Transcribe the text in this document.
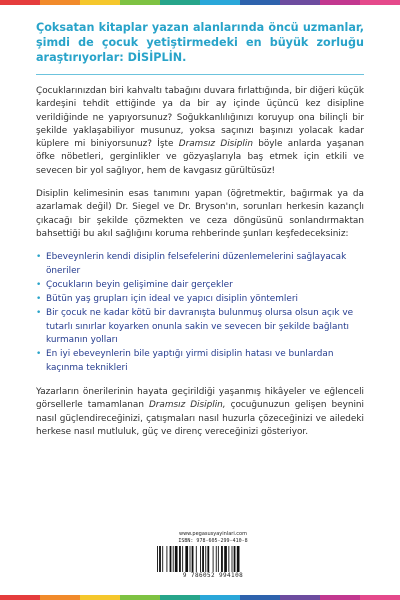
Çoksatan kitaplar yazan alanlarında öncü uzmanlar, şimdi de çocuk yetiştirmedeki en büyük zorluğu araştırıyorlar: DİSİPLİN.

Çocuklarınızdan biri kahvaltı tabağını duvara fırlattığında, bir diğeri küçük kardeşini tehdit ettiğinde ya da bir ay içinde üçüncü kez disipline verildiğinde ne yapıyorsunuz? Soğukkanlılığınızı koruyup ona bilinçli bir şekilde yaklaşabiliyor musunuz, yoksa saçınızı başınızı yolacak kadar küplere mi biniyorsunuz? İşte Dramsız Disiplin böyle anlarda yaşanan öfke nöbetleri, gerginlikler ve gözyaşlarıyla baş etmek için etkili ve sevecen bir yol sağlıyor, hem de kavgasız gürültüsüz!

Disiplin kelimesinin esas tanımını yapan (öğretmektir, bağırmak ya da azarlamak değil) Dr. Siegel ve Dr. Bryson'ın, sorunları herkesin kazançlı çıkacağı bir şekilde çözmekten ve ceza döngüsünü sonlandırmaktan bahsettiği bu akıl sağlığını koruma rehberinde şunları keşfedeceksiniz:

• Ebeveynlerin kendi disiplin felsefelerini düzenlemelerini sağlayacak öneriler
• Çocukların beyin gelişimine dair gerçekler
• Bütün yaş grupları için ideal ve yapıcı disiplin yöntemleri
• Bir çocuk ne kadar kötü bir davranışta bulunmuş olursa olsun açık ve tutarlı sınırlar koyarken onunla sakin ve sevecen bir şekilde bağlantı kurmanın yolları
• En iyi ebeveynlerin bile yaptığı yirmi disiplin hatası ve bunlardan kaçınma teknikleri

Yazarların önerilerinin hayata geçirildiği yaşanmış hikâyeler ve eğlenceli görsellerle tamamlanan Dramsız Disiplin, çocuğunuzun gelişen beynini nasıl güçlendireceğinizi, çatışmaları nasıl huzurla çözeceğinizi ve ailedeki herkese nasıl mutluluk, güç ve direnç vereceğinizi gösteriyor.

www.pegasusyayinlari.com
ISBN: 978-605-299-410-8
9 786052 994108
